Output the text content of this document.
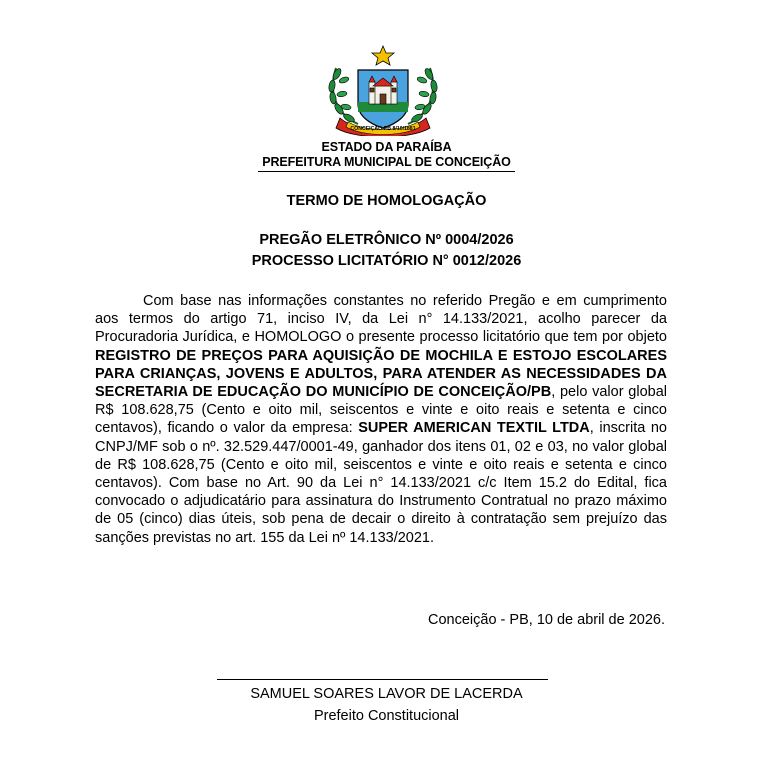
CONCEIÇÃO-PB 8/10/1881
ESTADO DA PARAÍBA
PREFEITURA MUNICIPAL DE CONCEIÇÃO
TERMO DE HOMOLOGAÇÃO
PREGÃO ELETRÔNICO Nº 0004/2026
PROCESSO LICITATÓRIO N° 0012/2026

Com base nas informações constantes no referido Pregão e em cumprimento aos termos do artigo 71, inciso IV, da Lei n° 14.133/2021, acolho parecer da Procuradoria Jurídica, e HOMOLOGO o presente processo licitatório que tem por objeto REGISTRO DE PREÇOS PARA AQUISIÇÃO DE MOCHILA E ESTOJO ESCOLARES PARA CRIANÇAS, JOVENS E ADULTOS, PARA ATENDER AS NECESSIDADES DA SECRETARIA DE EDUCAÇÃO DO MUNICÍPIO DE CONCEIÇÃO/PB, pelo valor global R$ 108.628,75 (Cento e oito mil, seiscentos e vinte e oito reais e setenta e cinco centavos), ficando o valor da empresa: SUPER AMERICAN TEXTIL LTDA, inscrita no CNPJ/MF sob o nº. 32.529.447/0001-49, ganhador dos itens 01, 02 e 03, no valor global de R$ 108.628,75 (Cento e oito mil, seiscentos e vinte e oito reais e setenta e cinco centavos). Com base no Art. 90 da Lei n° 14.133/2021 c/c Item 15.2 do Edital, fica convocado o adjudicatário para assinatura do Instrumento Contratual no prazo máximo de 05 (cinco) dias úteis, sob pena de decair o direito à contratação sem prejuízo das sanções previstas no art. 155 da Lei nº 14.133/2021.

Conceição - PB, 10 de abril de 2026.
SAMUEL SOARES LAVOR DE LACERDA
Prefeito Constitucional
